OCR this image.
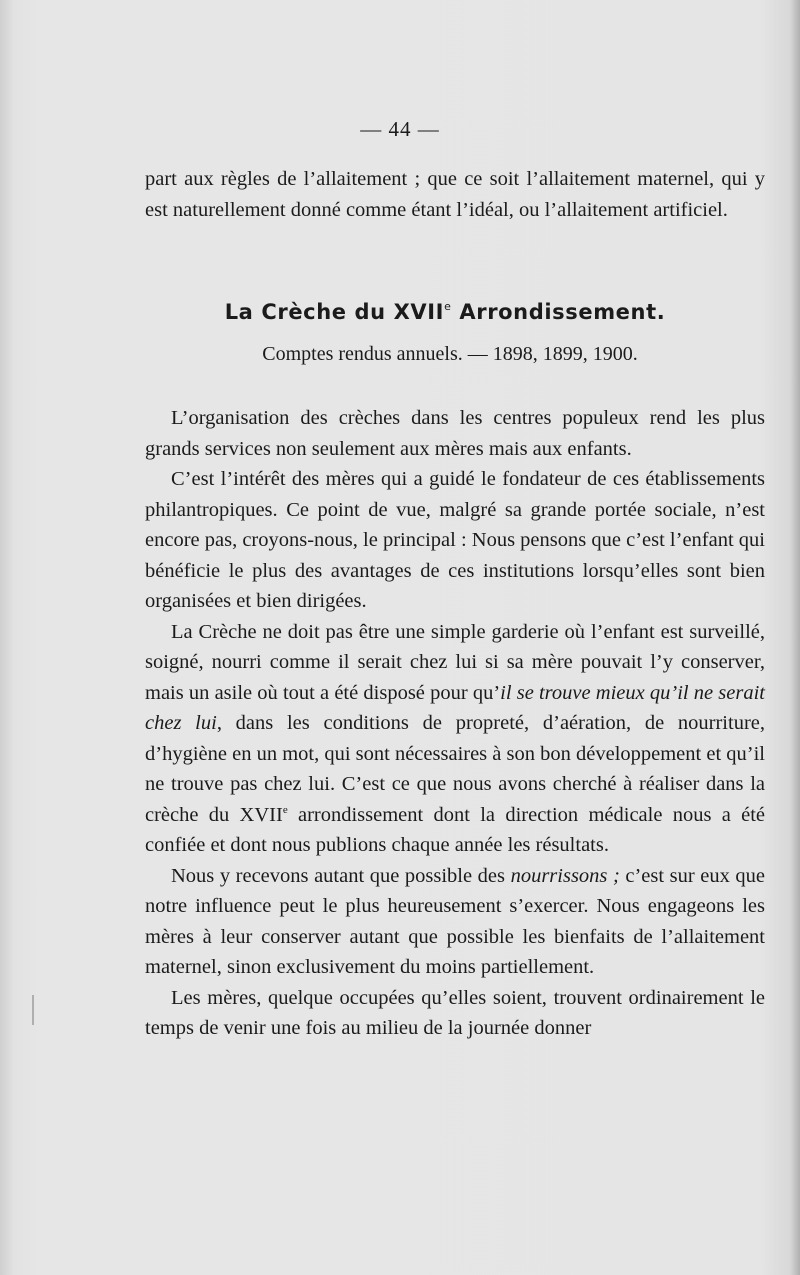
— 44 —

part aux règles de l’allaitement ; que ce soit l’allaitement maternel, qui y est naturellement donné comme étant l’idéal, ou l’allaitement artificiel.

La Crèche du XVIIe Arrondissement.
Comptes rendus annuels. — 1898, 1899, 1900.

L’organisation des crèches dans les centres populeux rend les plus grands services non seulement aux mères mais aux enfants.

C’est l’intérêt des mères qui a guidé le fondateur de ces établissements philantropiques. Ce point de vue, malgré sa grande portée sociale, n’est encore pas, croyons-nous, le principal : Nous pensons que c’est l’enfant qui bénéficie le plus des avantages de ces institutions lorsqu’elles sont bien organisées et bien dirigées.

La Crèche ne doit pas être une simple garderie où l’enfant est surveillé, soigné, nourri comme il serait chez lui si sa mère pouvait l’y conserver, mais un asile où tout a été disposé pour qu’il se trouve mieux qu’il ne serait chez lui, dans les conditions de propreté, d’aération, de nourriture, d’hygiène en un mot, qui sont nécessaires à son bon développement et qu’il ne trouve pas chez lui. C’est ce que nous avons cherché à réaliser dans la crèche du XVIIe arrondissement dont la direction médicale nous a été confiée et dont nous publions chaque année les résultats.

Nous y recevons autant que possible des nourrissons ; c’est sur eux que notre influence peut le plus heureusement s’exercer. Nous engageons les mères à leur conserver autant que possible les bienfaits de l’allaitement maternel, sinon exclusivement du moins partiellement.

Les mères, quelque occupées qu’elles soient, trouvent ordinairement le temps de venir une fois au milieu de la journée donner
